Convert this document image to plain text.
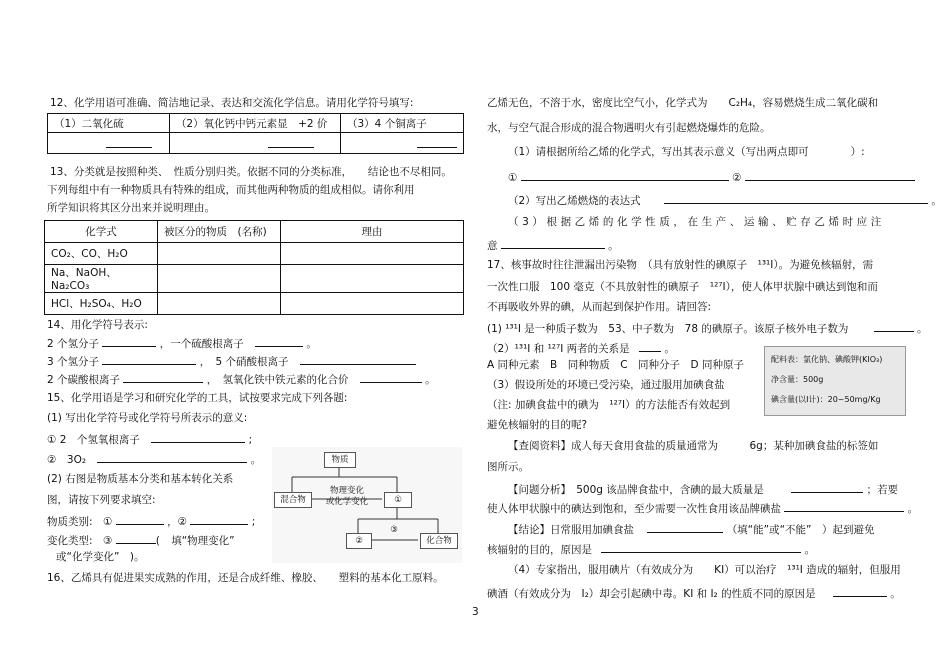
12、化学用语可准确、简洁地记录、表达和交流化学信息。请用化学符号填写:
（1）二氧化硫	（2）氧化钙中钙元素显　+2 价	（3）4 个铜离子

13、分类就是按照种类、　性质分别归类。依据不同的分类标准，　　结论也不尽相同。
下列每组中有一种物质具有特殊的组成，而其他两种物质的组成相似。请你利用
所学知识将其区分出来并说明理由。
化学式	被区分的物质　(名称)	理由
CO₂、CO、H₂O		
Na、NaOH、Na₂CO₃		
HCl、H₂SO₄、H₂O		
14、用化学符号表示:
2 个氢分子	，一个硫酸根离子	。
3 个氢分子	，　5 个硝酸根离子
2 个碳酸根离子	，　氢氧化铁中铁元素的化合价	。
15、化学用语是学习和研究化学的工具，试按要求完成下列各题:
(1) 写出化学符号或化学符号所表示的意义:
① 2　个氢氧根离子	;
②　3O₂	。
(2) 右图是物质基本分类和基本转化关系
图，请按下列要求填空:
物质类别:　①	，②	;
变化类型:　③	( 填“物理变化”
或“化学变化”　)。
物质
混合物
物理变化
或化学变化	①
②
③
化合物
16、乙烯具有促进果实成熟的作用，还是合成纤维、橡胶、　　塑料的基本化工原料。
乙烯无色，不溶于水，密度比空气小，化学式为　　C₂H₄，容易燃烧生成二氧化碳和
水，与空气混合形成的混合物遇明火有引起燃烧爆炸的危险。
（1）请根据所给乙烯的化学式，写出其表示意义（写出两点即可　　　　）:
①	②
（2）写出乙烯燃烧的表达式	。
（3）根据乙烯的化学性质，在生产、运输、贮存乙烯时应注
意	。
17、核事故时往往泄漏出污染物　（具有放射性的碘原子　¹³¹I）。为避免核辐射，需
一次性口服　100 毫克（不具放射性的碘原子　¹²⁷I），使人体甲状腺中碘达到饱和而
不再吸收外界的碘，从而起到保护作用。请回答:
(1) ¹³¹I 是一种质子数为　53、中子数为　78 的碘原子。该原子核外电子数为	。
（2）¹³¹I 和 ¹²⁷I 两者的关系是	。
A 同种元素　B　同种物质　C　同种分子　D 同种原子
（3）假设所处的环境已受污染，通过服用加碘食盐
（注: 加碘食盐中的碘为　¹²⁷I）的方法能否有效起到
避免核辐射的目的呢?
配料表：氯化钠、碘酸钾(KIO₃)
净含量：500g
碘含量(以I计)：20~50mg/Kg
【查阅资料】成人每天食用食盐的质量通常为　　　6g；某种加碘食盐的标签如
图所示。
【问题分析】　500g 该品牌食盐中，含碘的最大质量是	；若要
使人体甲状腺中的碘达到饱和，至少需要一次性食用该品牌碘盐	。
【结论】日常服用加碘食盐	（填“能”或“不能”　）起到避免
核辐射的目的，原因是	。
（4）专家指出，服用碘片（有效成分为　　KI）可以治疗　¹³¹I 造成的辐射，但服用
碘酒（有效成分为　I₂）却会引起碘中毒。KI 和 I₂ 的性质不同的原因是	。
3
